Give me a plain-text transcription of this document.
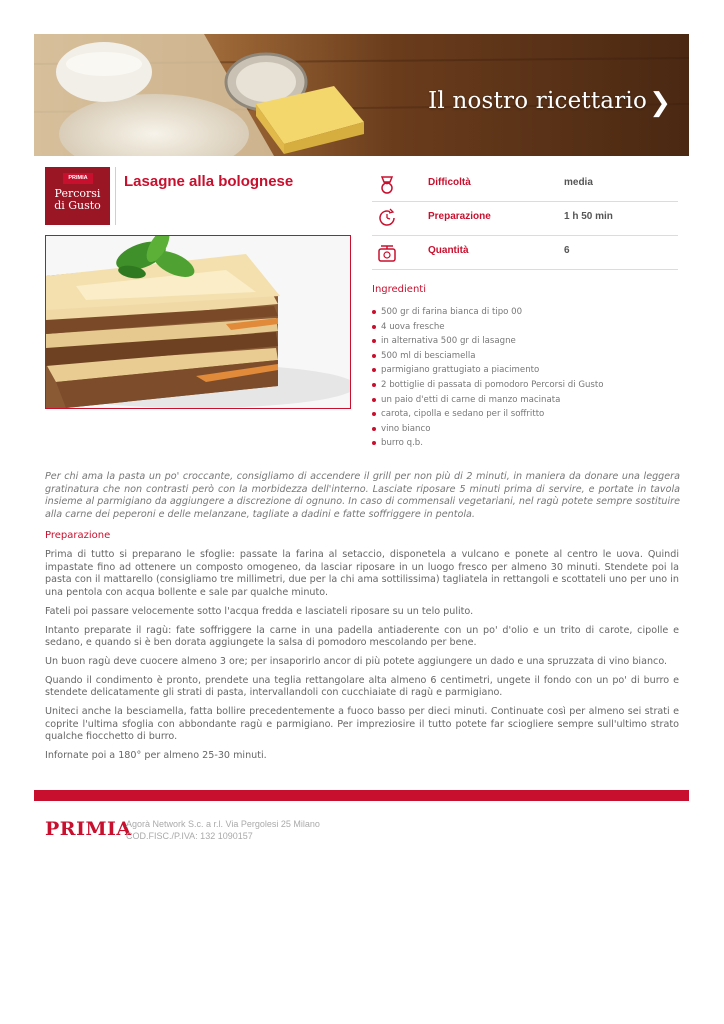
Il nostro ricettario ❯
PRIMIA
Percorsi
di Gusto
Lasagne alla bolognese	Difficoltà	media
Preparazione	1 h 50 min
Quantità	6
Ingredienti
500 gr di farina bianca di tipo 00
4 uova fresche
in alternativa 500 gr di lasagne
500 ml di besciamella
parmigiano grattugiato a piacimento
2 bottiglie di passata di pomodoro Percorsi di Gusto
un paio d'etti di carne di manzo macinata
carota, cipolla e sedano per il soffritto
vino bianco
burro q.b.
Per chi ama la pasta un po' croccante, consigliamo di accendere il grill per non più di 2 minuti, in maniera da donare una leggera gratinatura che non contrasti però con la morbidezza dell'interno. Lasciate riposare 5 minuti prima di servire, e portate in tavola insieme al parmigiano da aggiungere a discrezione di ognuno. In caso di commensali vegetariani, nel ragù potete sempre sostituire alla carne dei peperoni e delle melanzane, tagliate a dadini e fatte soffriggere in pentola.
Preparazione

Prima di tutto si preparano le sfoglie: passate la farina al setaccio, disponetela a vulcano e ponete al centro le uova. Quindi impastate fino ad ottenere un composto omogeneo, da lasciar riposare in un luogo fresco per almeno 30 minuti. Stendete poi la pasta con il mattarello (consigliamo tre millimetri, due per la chi ama sottilissima) tagliatela in rettangoli e scottateli uno per uno in una pentola con acqua bollente e sale par qualche minuto.

Fateli poi passare velocemente sotto l'acqua fredda e lasciateli riposare su un telo pulito.

Intanto preparate il ragù: fate soffriggere la carne in una padella antiaderente con un po' d'olio e un trito di carote, cipolle e sedano, e quando si è ben dorata aggiungete la salsa di pomodoro mescolando per bene.

Un buon ragù deve cuocere almeno 3 ore; per insaporirlo ancor di più potete aggiungere un dado e una spruzzata di vino bianco.

Quando il condimento è pronto, prendete una teglia rettangolare alta almeno 6 centimetri, ungete il fondo con un po' di burro e stendete delicatamente gli strati di pasta, intervallandoli con cucchiaiate di ragù e parmigiano.

Uniteci anche la besciamella, fatta bollire precedentemente a fuoco basso per dieci minuti. Continuate così per almeno sei strati e coprite l'ultima sfoglia con abbondante ragù e parmigiano. Per impreziosire il tutto potete far sciogliere sempre sull'ultimo strato qualche fiocchetto di burro.

Infornate poi a 180° per almeno 25-30 minuti.

PRIMIA
Agorà Network S.c. a r.l. Via Pergolesi 25 Milano
COD.FISC./P.IVA: 132 1090157
